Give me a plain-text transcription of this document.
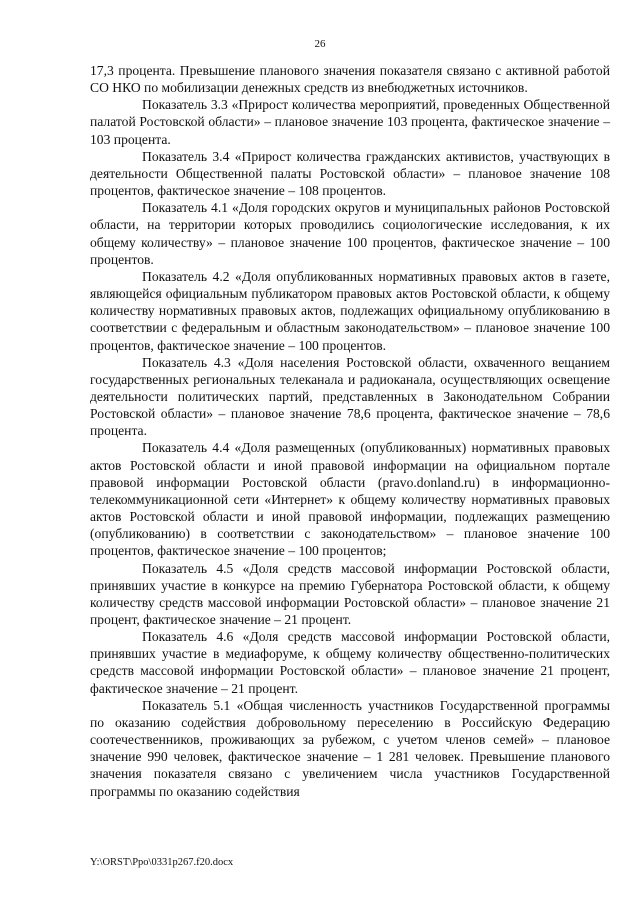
26

17,3 процента. Превышение планового значения показателя связано с активной работой СО НКО по мобилизации денежных средств из внебюджетных источников.

Показатель 3.3 «Прирост количества мероприятий, проведенных Общественной палатой Ростовской области» – плановое значение 103 процента, фактическое значение – 103 процента.

Показатель 3.4 «Прирост количества гражданских активистов, участвующих в деятельности Общественной палаты Ростовской области» – плановое значение 108 процентов, фактическое значение – 108 процентов.

Показатель 4.1 «Доля городских округов и муниципальных районов Ростовской области, на территории которых проводились социологические исследования, к их общему количеству» – плановое значение 100 процентов, фактическое значение – 100 процентов.

Показатель 4.2 «Доля опубликованных нормативных правовых актов в газете, являющейся официальным публикатором правовых актов Ростовской области, к общему количеству нормативных правовых актов, подлежащих официальному опубликованию в соответствии с федеральным и областным законодательством» – плановое значение 100 процентов, фактическое значение – 100 процентов.

Показатель 4.3 «Доля населения Ростовской области, охваченного вещанием государственных региональных телеканала и радиоканала, осуществляющих освещение деятельности политических партий, представленных в Законодательном Собрании Ростовской области» – плановое значение 78,6 процента, фактическое значение – 78,6 процента.

Показатель 4.4 «Доля размещенных (опубликованных) нормативных правовых актов Ростовской области и иной правовой информации на официальном портале правовой информации Ростовской области (pravo.donland.ru) в информационно-телекоммуникационной сети «Интернет» к общему количеству нормативных правовых актов Ростовской области и иной правовой информации, подлежащих размещению (опубликованию) в соответствии с законодательством» – плановое значение 100 процентов, фактическое значение – 100 процентов;

Показатель 4.5 «Доля средств массовой информации Ростовской области, принявших участие в конкурсе на премию Губернатора Ростовской области, к общему количеству средств массовой информации Ростовской области» – плановое значение 21 процент, фактическое значение – 21 процент.

Показатель 4.6 «Доля средств массовой информации Ростовской области, принявших участие в медиафоруме, к общему количеству общественно-политических средств массовой информации Ростовской области» – плановое значение 21 процент, фактическое значение – 21 процент.

Показатель 5.1 «Общая численность участников Государственной программы по оказанию содействия добровольному переселению в Российскую Федерацию соотечественников, проживающих за рубежом, с учетом членов семей» – плановое значение 990 человек, фактическое значение – 1 281 человек. Превышение планового значения показателя связано с увеличением числа участников Государственной программы по оказанию содействия

Y:\ORST\Ppo\0331p267.f20.docx
